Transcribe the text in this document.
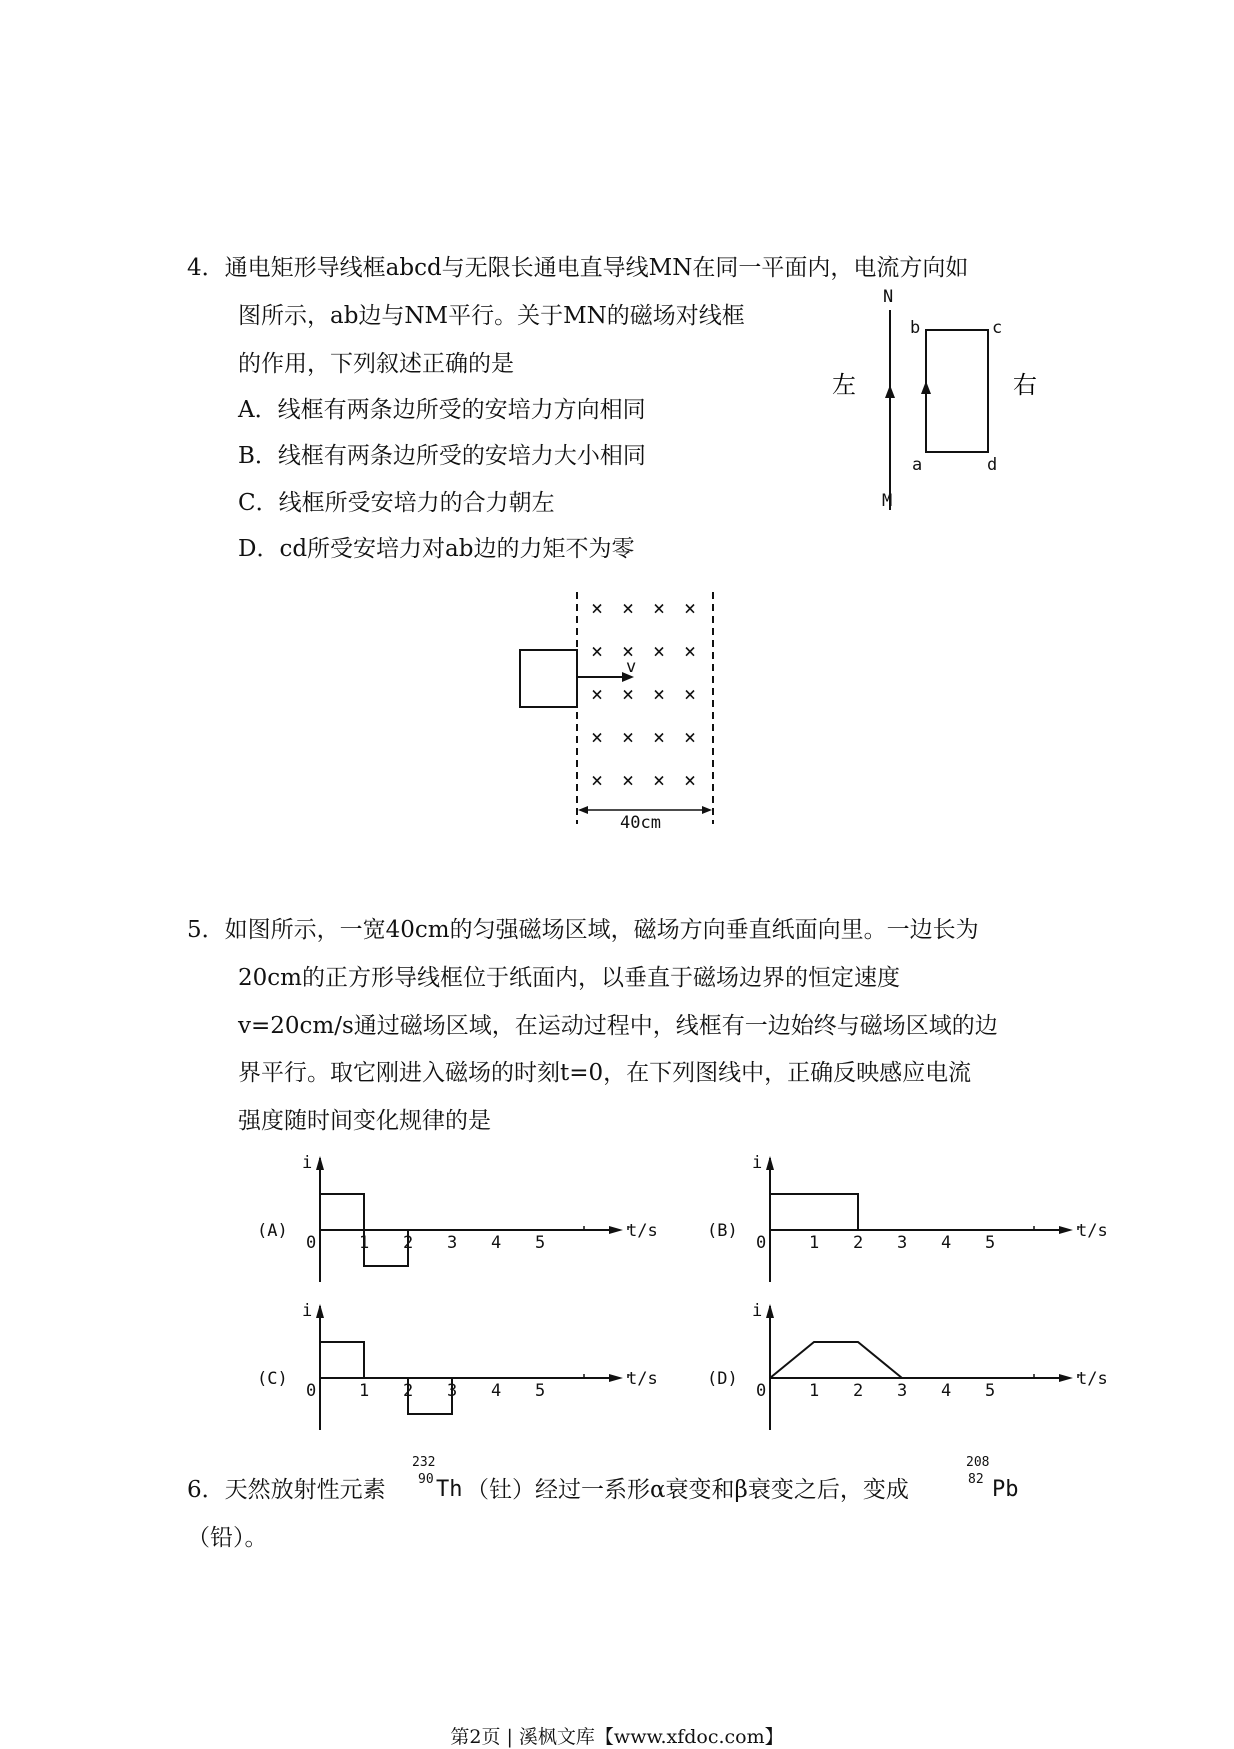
4．通电矩形导线框abcd与无限长通电直导线MN在同一平面内，电流方向如
图所示，ab边与NM平行。关于MN的磁场对线框
的作用，下列叙述正确的是
A．线框有两条边所受的安培力方向相同
B．线框有两条边所受的安培力大小相同
C．线框所受安培力的合力朝左
D．cd所受安培力对ab边的力矩不为零
N
M
b	c
a	d
左	右
× × × ×
× × × ×
× × × ×
× × × ×
× × × ×
v
40cm
5．如图所示，一宽40cm的匀强磁场区域，磁场方向垂直纸面向里。一边长为
20cm的正方形导线框位于纸面内，以垂直于磁场边界的恒定速度
v=20cm/s通过磁场区域，在运动过程中，线框有一边始终与磁场区域的边
界平行。取它刚进入磁场的时刻t=0，在下列图线中，正确反映感应电流
强度随时间变化规律的是
0	1 2 3 4 5
i
t/s
(A)
0	1 2 3 4 5
i
t/s
(B)
0	1 2 3 4 5
i
t/s
(C)
0	1 2 3 4 5
i
t/s
(D)
6．天然放射性元素
232
90 Th （钍）经过一系形α衰变和β衰变之后，变成
208
82 Pb
（铅）。
第2页 | 溪枫文库【www.xfdoc.com】
